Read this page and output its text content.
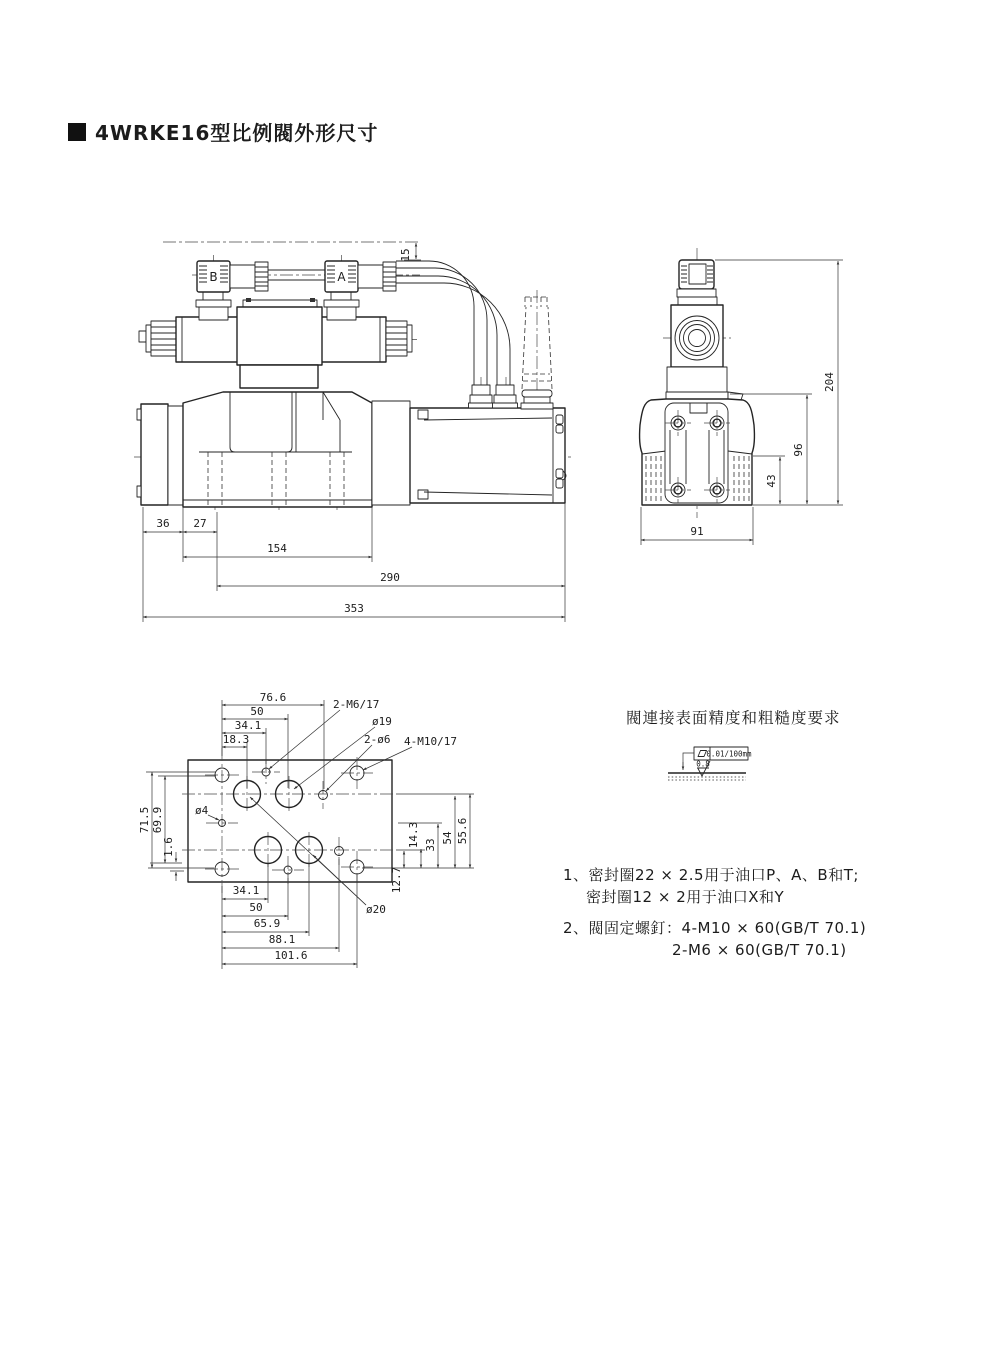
4WRKE16型比例閥外形尺寸
B	A
15
36 27
154
290
353
204
96
43
91
76.6
50
34.1
18.3
34.1
50
65.9
88.1
101.6
71.5 69.9
1.6
55.6
54
33
14.3
12.7
2-M6/17
ø19
2-ø6 4-M10/17
ø4
ø20
0.01/100mm
0.8
閥連接表面精度和粗糙度要求
1、密封圈22 × 2.5用于油口P、A、B和T;
密封圈12 × 2用于油口X和Y
2、閥固定螺釘：4-M10 × 60(GB/T 70.1)
2-M6 × 60(GB/T 70.1)
